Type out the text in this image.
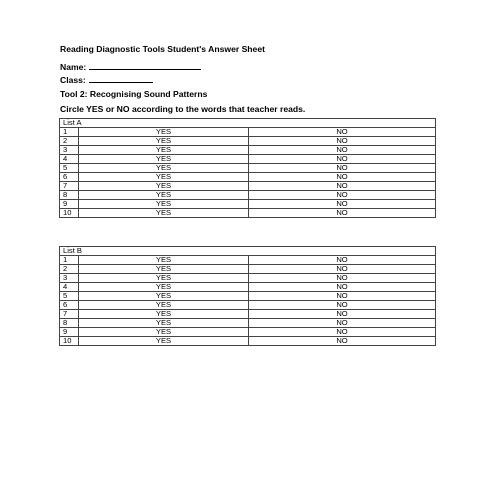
Reading Diagnostic Tools Student's Answer Sheet
Name:
Class:
Tool 2: Recognising Sound Patterns
Circle YES or NO according to the words that teacher reads.
List A		
1	YES	NO
2	YES	NO
3	YES	NO
4	YES	NO
5	YES	NO
6	YES	NO
7	YES	NO
8	YES	NO
9	YES	NO
10	YES	NO
List B		
1	YES	NO
2	YES	NO
3	YES	NO
4	YES	NO
5	YES	NO
6	YES	NO
7	YES	NO
8	YES	NO
9	YES	NO
10	YES	NO
